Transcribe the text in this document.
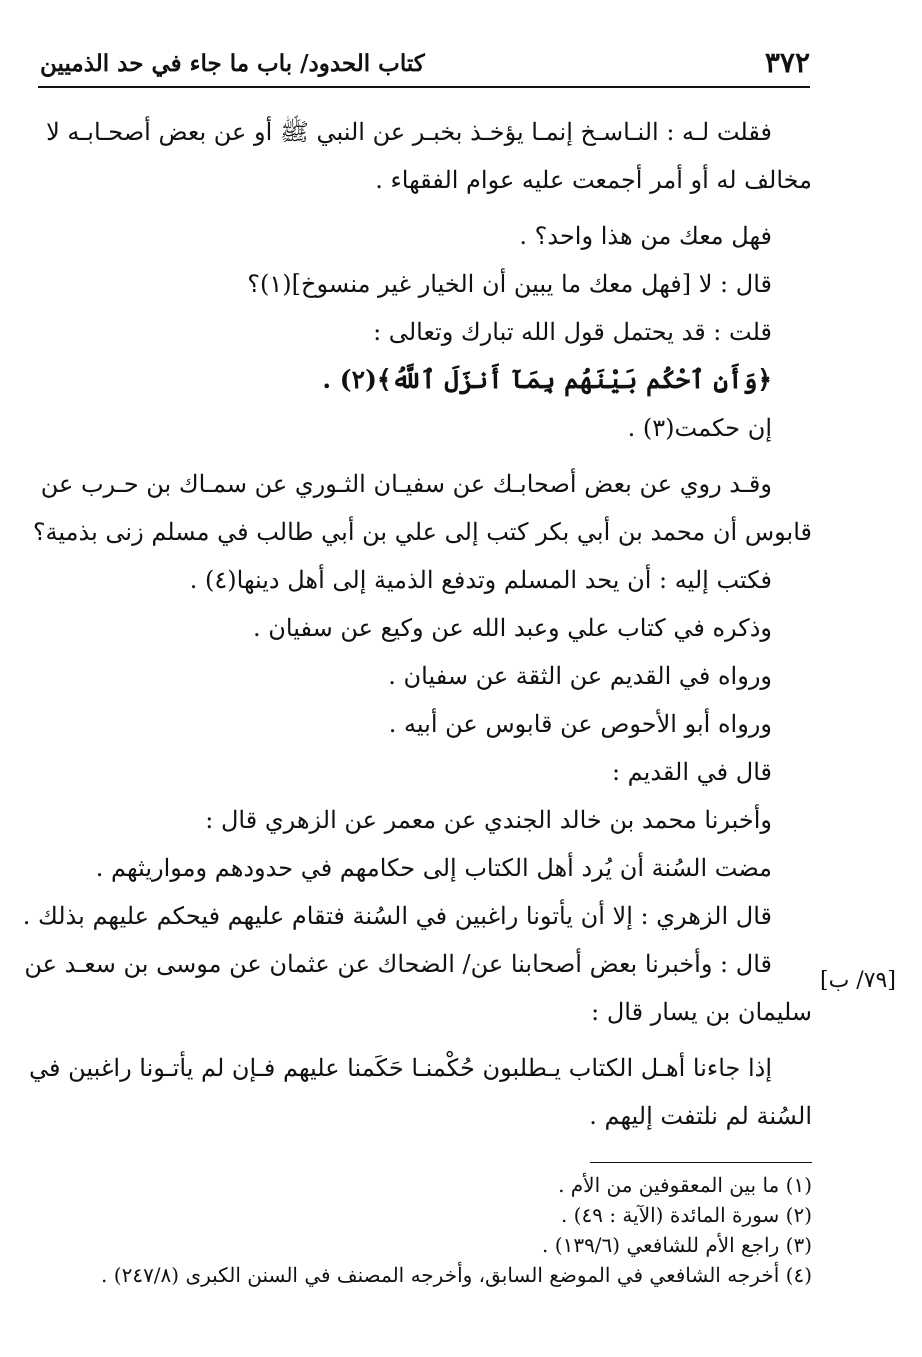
٣٧٢
كتاب الحدود/ باب ما جاء في حد الذميين
فقلت لـه : النـاسـخ إنمـا يؤخـذ بخبـر عن النبي ﷺ أو عن بعض أصحـابـه لا
مخالف له أو أمر أجمعت عليه عوام الفقهاء .
فهل معك من هذا واحد؟ .
قال : لا [فهل معك ما يبين أن الخيار غير منسوخ](١)؟
قلت : قد يحتمل قول الله تبارك وتعالى :
﴿وَأَنِ ٱحْكُم بَيْنَهُم بِمَآ أَنزَلَ ٱللَّهُ﴾(٢) .
إن حكمت(٣) .
وقـد روي عن بعض أصحابـك عن سفيـان الثـوري عن سمـاك بن حـرب عن
قابوس أن محمد بن أبي بكر كتب إلى علي بن أبي طالب في مسلم زنى بذمية؟
فكتب إليه : أن يحد المسلم وتدفع الذمية إلى أهل دينها(٤) .
وذكره في كتاب علي وعبد الله عن وكيع عن سفيان .
ورواه في القديم عن الثقة عن سفيان .
ورواه أبو الأحوص عن قابوس عن أبيه .
قال في القديم :
وأخبرنا محمد بن خالد الجندي عن معمر عن الزهري قال :
مضت السُنة أن يُرد أهل الكتاب إلى حكامهم في حدودهم ومواريثهم .
قال الزهري : إلا أن يأتونا راغبين في السُنة فتقام عليهم فيحكم عليهم بذلك .
قال : وأخبرنا بعض أصحابنا عن/ الضحاك عن عثمان عن موسى بن سعـد عن
سليمان بن يسار قال :
إذا جاءنا أهـل الكتاب يـطلبون حُكْمنـا حَكَمنا عليهم فـإن لم يأتـونا راغبين في
السُنة لم نلتفت إليهم .
[٧٩/ ب]
(١) ما بين المعقوفين من الأم .
(٢) سورة المائدة (الآية : ٤٩) .
(٣) راجع الأم للشافعي (١٣٩/٦) .
(٤) أخرجه الشافعي في الموضع السابق، وأخرجه المصنف في السنن الكبرى (٢٤٧/٨) .
